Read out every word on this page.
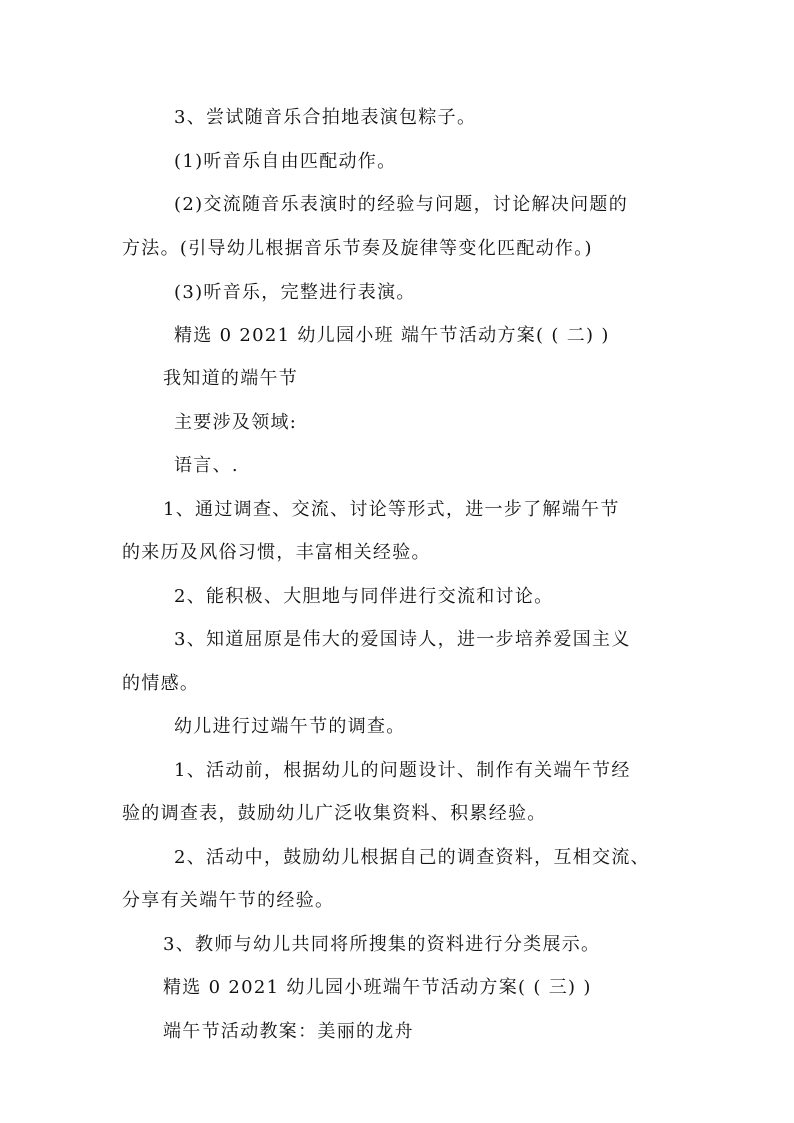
3、尝试随音乐合拍地表演包粽子。
(1)听音乐自由匹配动作。
(2)交流随音乐表演时的经验与问题，讨论解决问题的
方法。(引导幼儿根据音乐节奏及旋律等变化匹配动作。)
(3)听音乐，完整进行表演。
精选 0 2021 幼儿园小班 端午节活动方案( ( 二) )
我知道的端午节
主要涉及领域:
语言、.
1、通过调查、交流、讨论等形式，进一步了解端午节
的来历及风俗习惯，丰富相关经验。
2、能积极、大胆地与同伴进行交流和讨论。
3、知道屈原是伟大的爱国诗人，进一步培养爱国主义
的情感。
幼儿进行过端午节的调查。
1、活动前，根据幼儿的问题设计、制作有关端午节经
验的调查表，鼓励幼儿广泛收集资料、积累经验。
2、活动中，鼓励幼儿根据自己的调查资料，互相交流、
分享有关端午节的经验。
3、教师与幼儿共同将所搜集的资料进行分类展示。
精选 0 2021 幼儿园小班端午节活动方案( ( 三) )
端午节活动教案：美丽的龙舟
